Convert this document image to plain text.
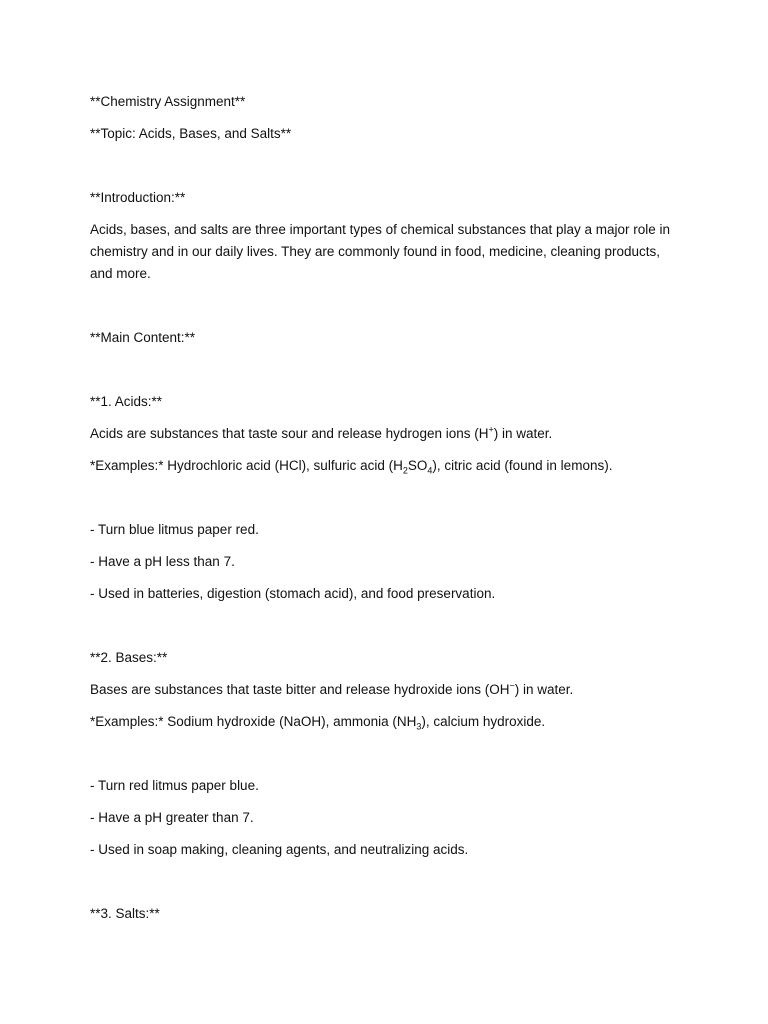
**Chemistry Assignment**
**Topic: Acids, Bases, and Salts**
**Introduction:**
Acids, bases, and salts are three important types of chemical substances that play a major role in chemistry and in our daily lives. They are commonly found in food, medicine, cleaning products, and more.
**Main Content:**
**1. Acids:**
Acids are substances that taste sour and release hydrogen ions (H+) in water.
*Examples:* Hydrochloric acid (HCl), sulfuric acid $(H_2SO_4)$, citric acid (found in lemons).
- Turn blue litmus paper red.
- Have a pH less than 7.
- Used in batteries, digestion (stomach acid), and food preservation.
**2. Bases:**
Bases are substances that taste bitter and release hydroxide ions (OH−) in water.
*Examples:* Sodium hydroxide (NaOH), ammonia $(NH_3)$, calcium hydroxide.
- Turn red litmus paper blue.
- Have a pH greater than 7.
- Used in soap making, cleaning agents, and neutralizing acids.
**3. Salts:**
